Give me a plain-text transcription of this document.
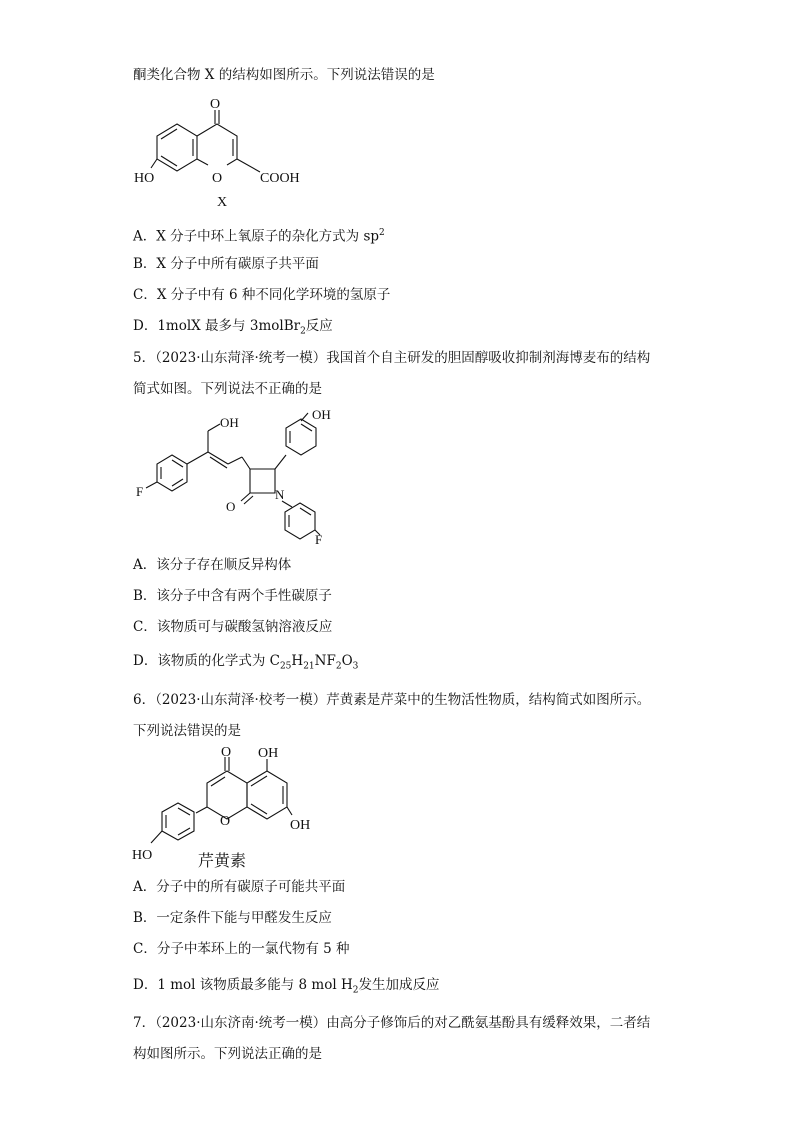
酮类化合物 X 的结构如图所示。下列说法错误的是
O
HO	O	COOH
X
A．X 分子中环上氧原子的杂化方式为 $sp^2$
B．X 分子中所有碳原子共平面
C．X 分子中有 6 种不同化学环境的氢原子
D．1molX 最多与 3molBr$_2$反应
5．（2023·山东菏泽·统考一模）我国首个自主研发的胆固醇吸收抑制剂海博麦布的结构
简式如图。下列说法不正确的是
F
OH
O
N
OH
F
A．该分子存在顺反异构体
B．该分子中含有两个手性碳原子
C．该物质可与碳酸氢钠溶液反应
D．该物质的化学式为 $C_{25}H_{21}NF_2O_3$
6．（2023·山东菏泽·校考一模）芹黄素是芹菜中的生物活性物质，结构简式如图所示。
下列说法错误的是
O OH
OH
O
HO	芹黄素
A．分子中的所有碳原子可能共平面
B．一定条件下能与甲醛发生反应
C．分子中苯环上的一氯代物有 5 种
D．1 mol 该物质最多能与 8 mol $H_2$发生加成反应
7．（2023·山东济南·统考一模）由高分子修饰后的对乙酰氨基酚具有缓释效果，二者结
构如图所示。下列说法正确的是
